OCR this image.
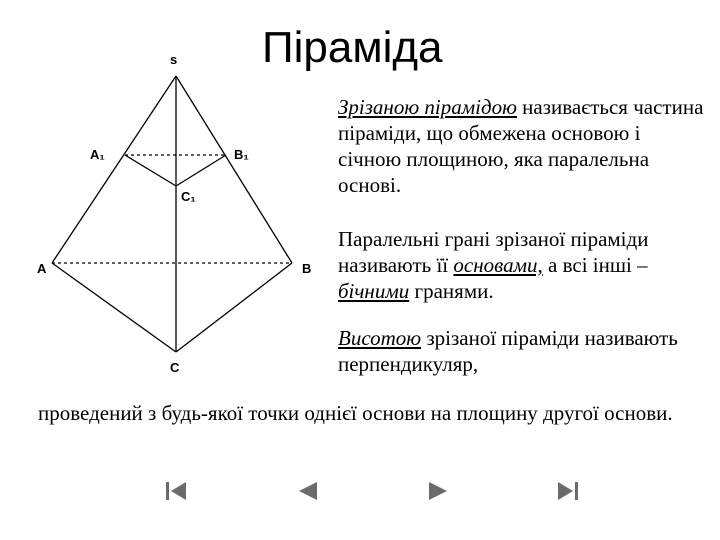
Піраміда
s
A₁	B₁
C₁
A	B
C
Зрізаною пірамідою називається частина піраміди, що обмежена основою і січною площиною, яка паралельна основі.
Паралельні грані зрізаної піраміди називають її основами, а всі інші – бічними гранями.
Висотою зрізаної піраміди називають перпендикуляр,
проведений з будь-якої точки однієї основи на площину другої основи.
